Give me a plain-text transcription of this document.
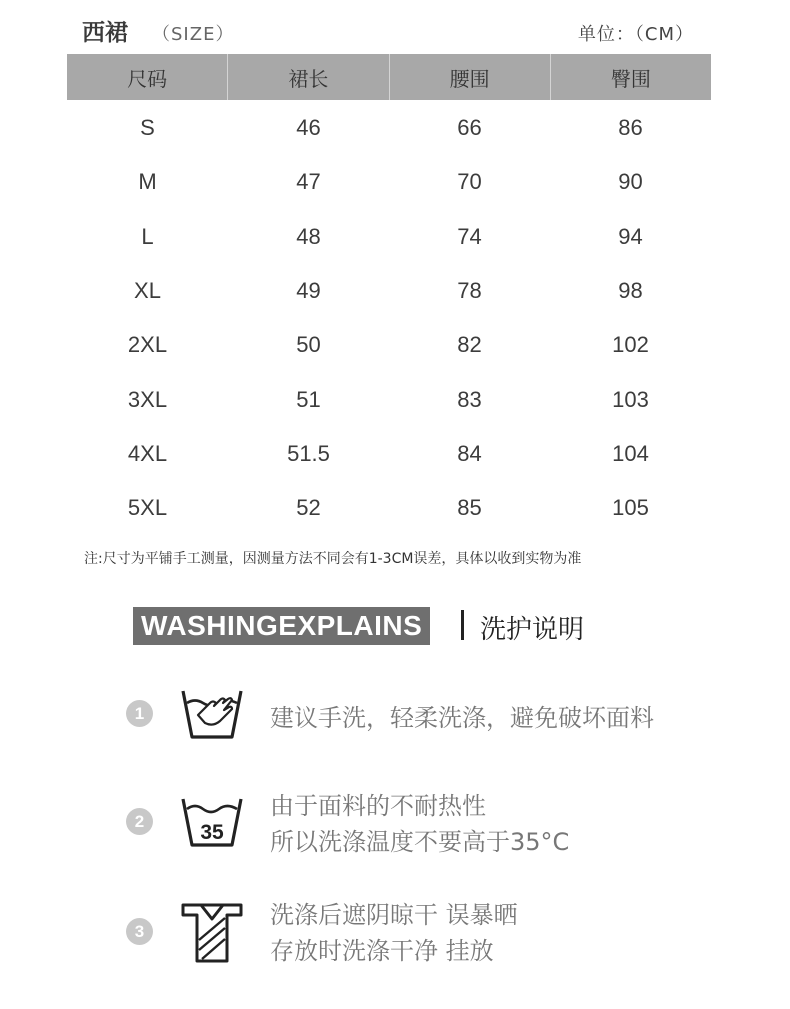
西裙 （SIZE）	单位：（CM）
尺码	裙长	腰围	臀围
S	46	66	86
M	47	70	90
L	48	74	94
XL	49	78	98
2XL	50	82	102
3XL	51	83	103
4XL	51.5	84	104
5XL	52	85	105
注:尺寸为平铺手工测量，因测量方法不同会有1-3CM误差，具体以收到实物为准
WASHINGEXPLAINS	洗护说明
1	建议手洗，轻柔洗涤，避免破坏面料
2	35
由于面料的不耐热性
所以洗涤温度不要高于35°C
3
洗涤后遮阴晾干 误暴晒
存放时洗涤干净 挂放
